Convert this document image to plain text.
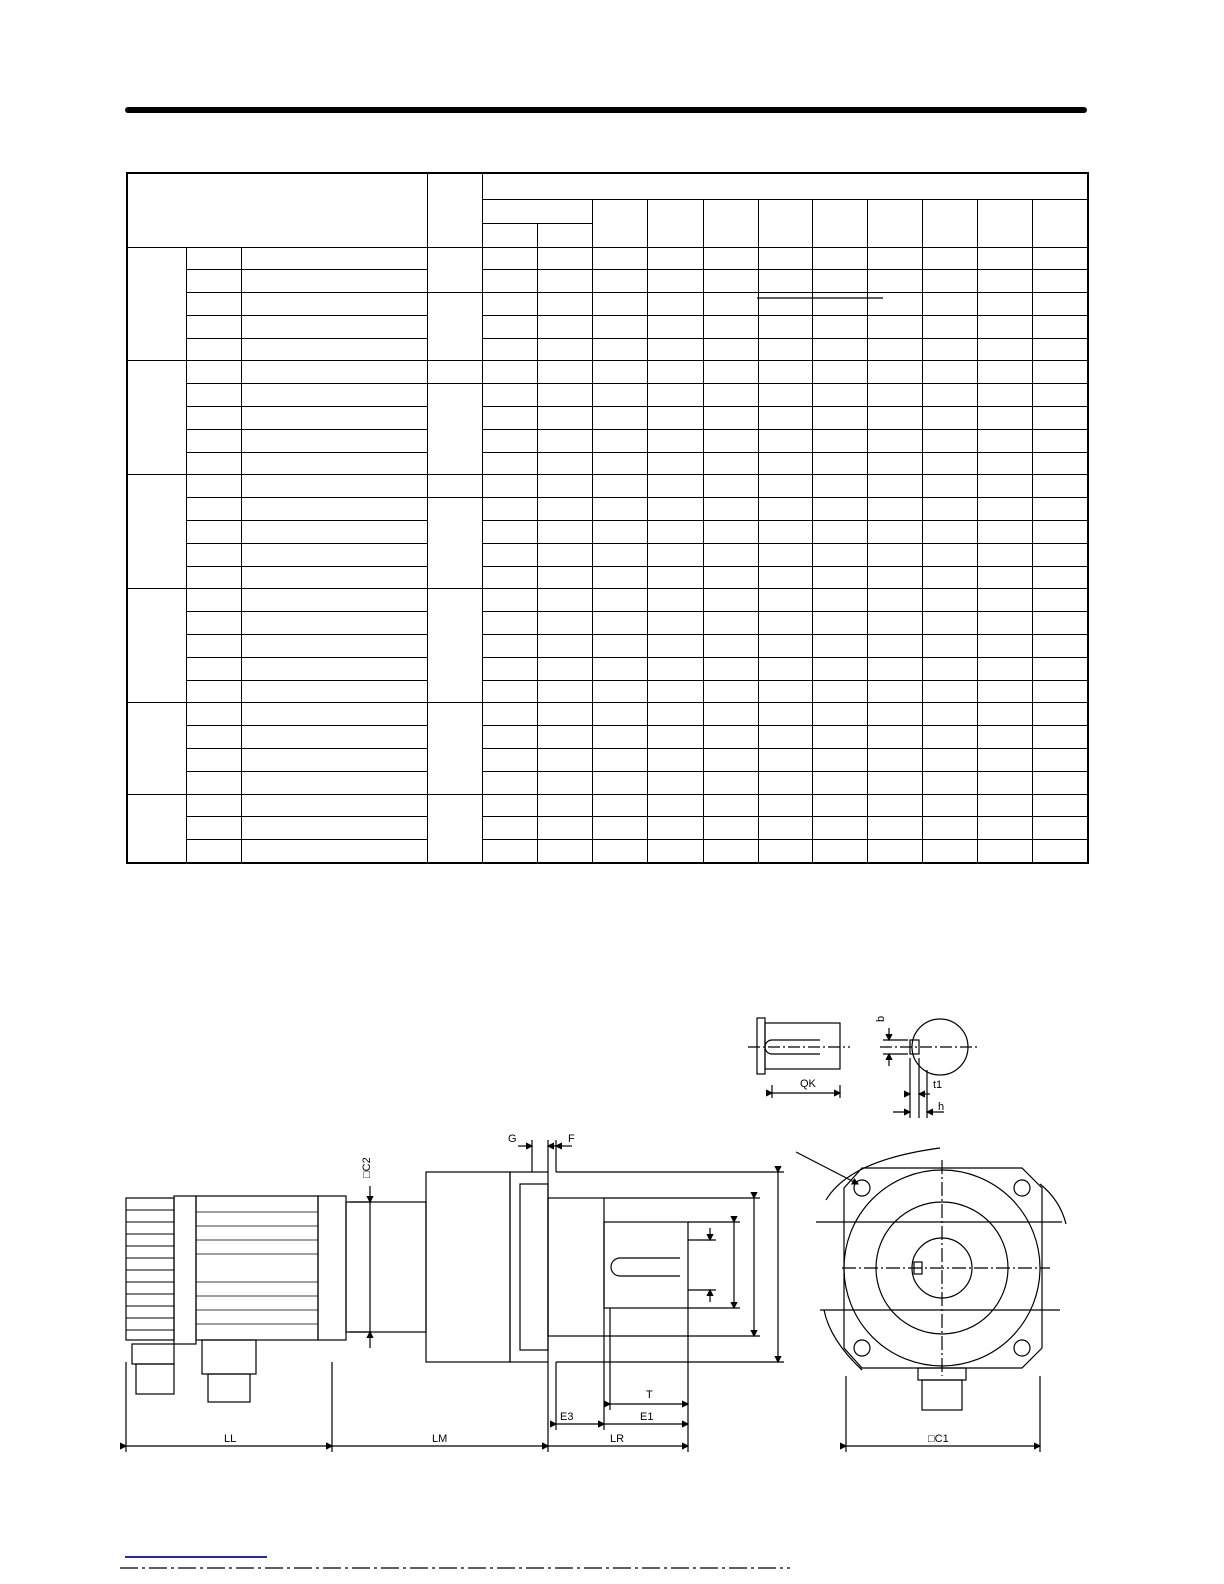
QK
b
t1
h
G	F
□C2
T
E3	E1
LL	LM	LR	□C1
